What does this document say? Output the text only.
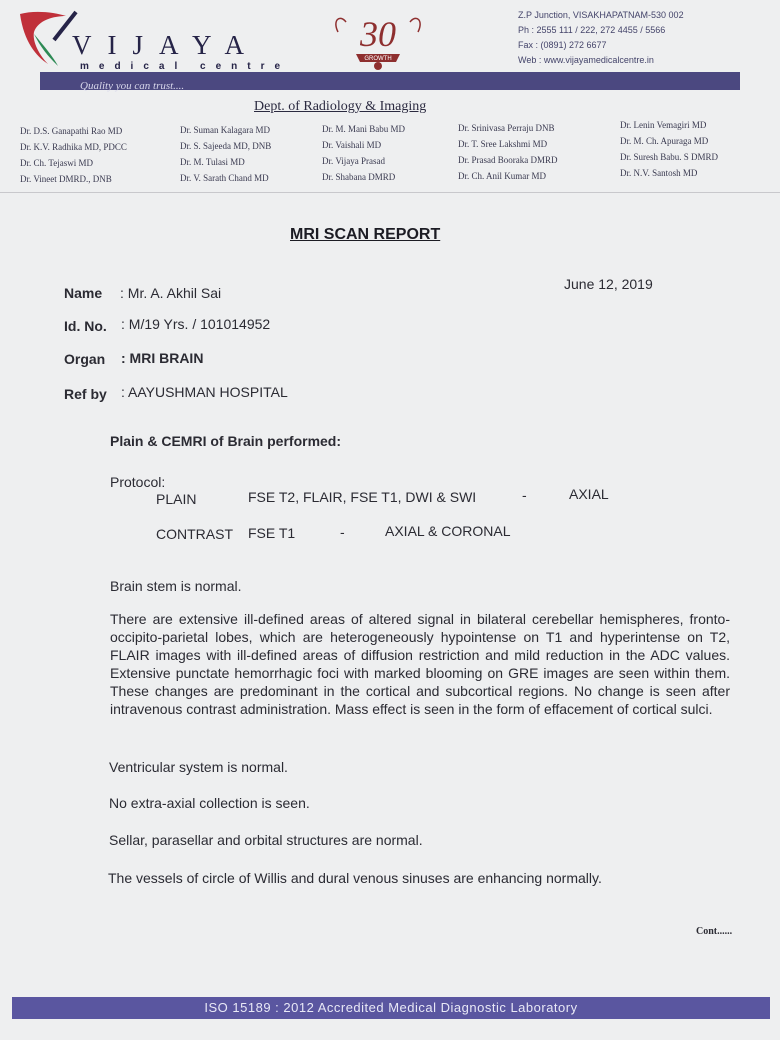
VIJAYA
medical centre
30
GROWTH
Z.P Junction, VISAKHAPATNAM-530 002
Ph : 2555 111 / 222, 272 4455 / 5566
Fax : (0891) 272 6677
Web : www.vijayamedicalcentre.in
Quality you can trust....
Dept. of Radiology & Imaging
Dr. D.S. Ganapathi Rao MD
Dr. K.V. Radhika MD, PDCC
Dr. Ch. Tejaswi MD
Dr. Vineet DMRD., DNB
Dr. Suman Kalagara MD
Dr. S. Sajeeda MD, DNB
Dr. M. Tulasi MD
Dr. V. Sarath Chand MD
Dr. M. Mani Babu MD
Dr. Vaishali MD
Dr. Vijaya Prasad
Dr. Shabana DMRD
Dr. Srinivasa Perraju DNB
Dr. T. Sree Lakshmi MD
Dr. Prasad Booraka DMRD
Dr. Ch. Anil Kumar MD
Dr. Lenin Vemagiri MD
Dr. M. Ch. Apuraga MD
Dr. Suresh Babu. S DMRD
Dr. N.V. Santosh MD
MRI SCAN REPORT
June 12, 2019
Name : Mr. A. Akhil Sai
Id. No. : M/19 Yrs. / 101014952
Organ : MRI BRAIN
Ref by : AAYUSHMAN HOSPITAL
Plain & CEMRI of Brain performed:
Protocol:
PLAIN	FSE T2, FLAIR, FSE T1, DWI & SWI	-	AXIAL
CONTRAST FSE T1	-	AXIAL & CORONAL
Brain stem is normal.
There are extensive ill-defined areas of altered signal in bilateral cerebellar hemispheres, fronto-occipito-parietal lobes, which are heterogeneously hypointense on T1 and hyperintense on T2, FLAIR images with ill-defined areas of diffusion restriction and mild reduction in the ADC values. Extensive punctate hemorrhagic foci with marked blooming on GRE images are seen within them. These changes are predominant in the cortical and subcortical regions. No change is seen after intravenous contrast administration. Mass effect is seen in the form of effacement of cortical sulci.
Ventricular system is normal.
No extra-axial collection is seen.
Sellar, parasellar and orbital structures are normal.
The vessels of circle of Willis and dural venous sinuses are enhancing normally.
Cont......
ISO 15189 : 2012 Accredited Medical Diagnostic Laboratory
